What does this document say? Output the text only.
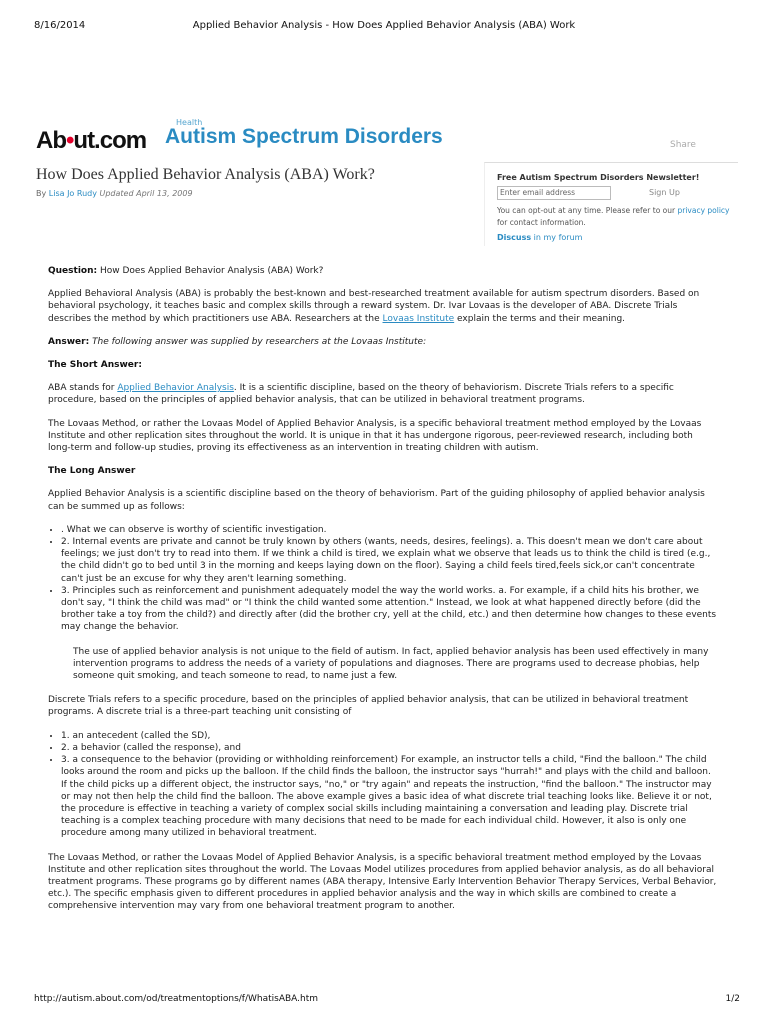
8/16/2014	Applied Behavior Analysis - How Does Applied Behavior Analysis (ABA) Work
Ab•ut.com
Health
Autism Spectrum Disorders	Share
How Does Applied Behavior Analysis (ABA) Work?
By Lisa Jo Rudy Updated April 13, 2009
Free Autism Spectrum Disorders Newsletter!
Enter email address	Sign Up
You can opt-out at any time. Please refer to our privacy policy for contact information.
Discuss in my forum

Question: How Does Applied Behavior Analysis (ABA) Work?

Applied Behavioral Analysis (ABA) is probably the best-known and best-researched treatment available for autism spectrum disorders. Based on behavioral psychology, it teaches basic and complex skills through a reward system. Dr. Ivar Lovaas is the developer of ABA. Discrete Trials describes the method by which practitioners use ABA. Researchers at the Lovaas Institute explain the terms and their meaning.

Answer: The following answer was supplied by researchers at the Lovaas Institute:

The Short Answer:

ABA stands for Applied Behavior Analysis. It is a scientific discipline, based on the theory of behaviorism. Discrete Trials refers to a specific procedure, based on the principles of applied behavior analysis, that can be utilized in behavioral treatment programs.

The Lovaas Method, or rather the Lovaas Model of Applied Behavior Analysis, is a specific behavioral treatment method employed by the Lovaas Institute and other replication sites throughout the world. It is unique in that it has undergone rigorous, peer-reviewed research, including both long-term and follow-up studies, proving its effectiveness as an intervention in treating children with autism.

The Long Answer

Applied Behavior Analysis is a scientific discipline based on the theory of behaviorism. Part of the guiding philosophy of applied behavior analysis can be summed up as follows:

• . What we can observe is worthy of scientific investigation.
• 2. Internal events are private and cannot be truly known by others (wants, needs, desires, feelings). a. This doesn't mean we don't care about feelings; we just don't try to read into them. If we think a child is tired, we explain what we observe that leads us to think the child is tired (e.g., the child didn't go to bed until 3 in the morning and keeps laying down on the floor). Saying a child feels tired,feels sick,or can't concentrate can't just be an excuse for why they aren't learning something.
• 3. Principles such as reinforcement and punishment adequately model the way the world works. a. For example, if a child hits his brother, we don't say, "I think the child was mad" or "I think the child wanted some attention." Instead, we look at what happened directly before (did the brother take a toy from the child?) and directly after (did the brother cry, yell at the child, etc.) and then determine how changes to these events may change the behavior.
The use of applied behavior analysis is not unique to the field of autism. In fact, applied behavior analysis has been used effectively in many intervention programs to address the needs of a variety of populations and diagnoses. There are programs used to decrease phobias, help someone quit smoking, and teach someone to read, to name just a few.

Discrete Trials refers to a specific procedure, based on the principles of applied behavior analysis, that can be utilized in behavioral treatment programs. A discrete trial is a three-part teaching unit consisting of

• 1. an antecedent (called the SD),
• 2. a behavior (called the response), and
• 3. a consequence to the behavior (providing or withholding reinforcement) For example, an instructor tells a child, "Find the balloon." The child looks around the room and picks up the balloon. If the child finds the balloon, the instructor says "hurrah!" and plays with the child and balloon. If the child picks up a different object, the instructor says, "no," or "try again" and repeats the instruction, "find the balloon." The instructor may or may not then help the child find the balloon. The above example gives a basic idea of what discrete trial teaching looks like. Believe it or not, the procedure is effective in teaching a variety of complex social skills including maintaining a conversation and leading play. Discrete trial teaching is a complex teaching procedure with many decisions that need to be made for each individual child. However, it also is only one procedure among many utilized in behavioral treatment.

The Lovaas Method, or rather the Lovaas Model of Applied Behavior Analysis, is a specific behavioral treatment method employed by the Lovaas Institute and other replication sites throughout the world. The Lovaas Model utilizes procedures from applied behavior analysis, as do all behavioral treatment programs. These programs go by different names (ABA therapy, Intensive Early Intervention Behavior Therapy Services, Verbal Behavior, etc.). The specific emphasis given to different procedures in applied behavior analysis and the way in which skills are combined to create a comprehensive intervention may vary from one behavioral treatment program to another.

http://autism.about.com/od/treatmentoptions/f/WhatisABA.htm	1/2
